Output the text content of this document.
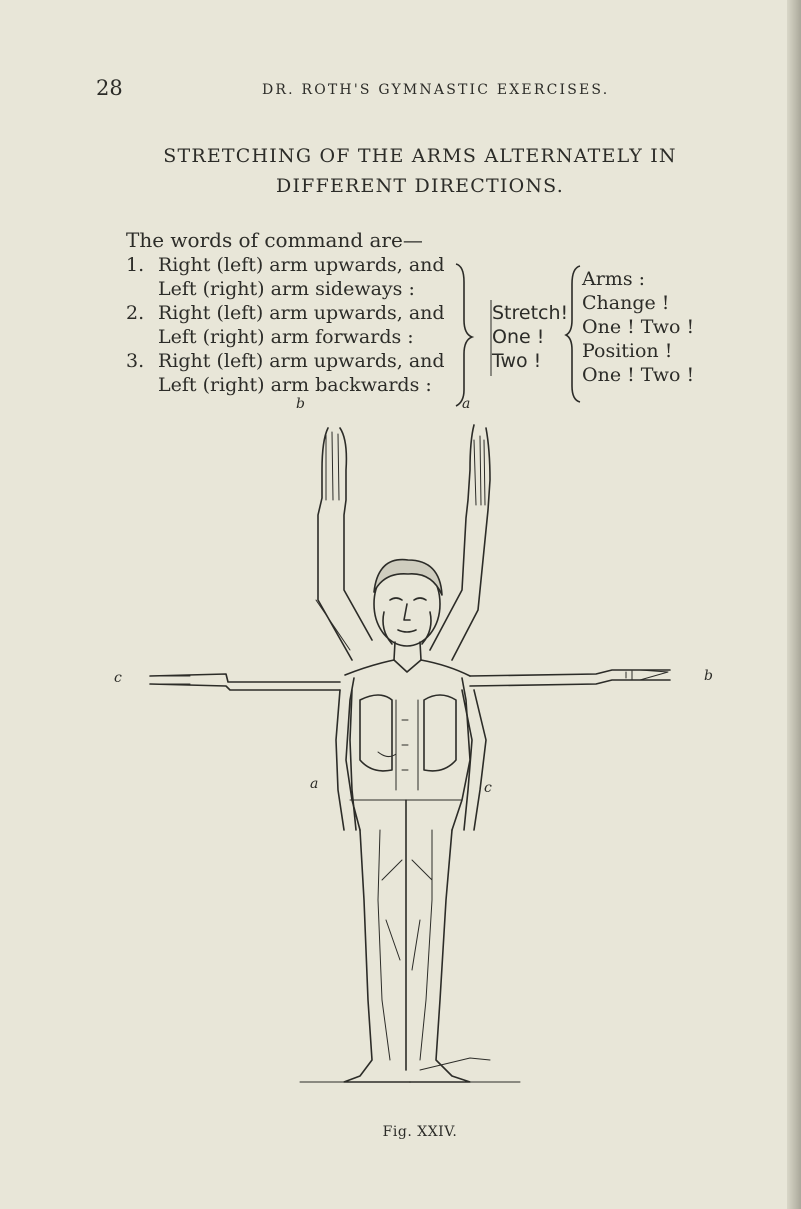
28	DR. ROTH'S GYMNASTIC EXERCISES.
STRETCHING OF THE ARMS ALTERNATELY IN
DIFFERENT DIRECTIONS.
The words of command are—
1. Right (left) arm upwards, and
Left (right) arm sideways :
2. Right (left) arm upwards, and
Left (right) arm forwards :
3. Right (left) arm upwards, and
Left (right) arm backwards :
Stretch!
One !
Two !
Arms :
Change !
One ! Two !
Position !
One ! Two !
b	a
c	b
a	c
Fig. XXIV.
